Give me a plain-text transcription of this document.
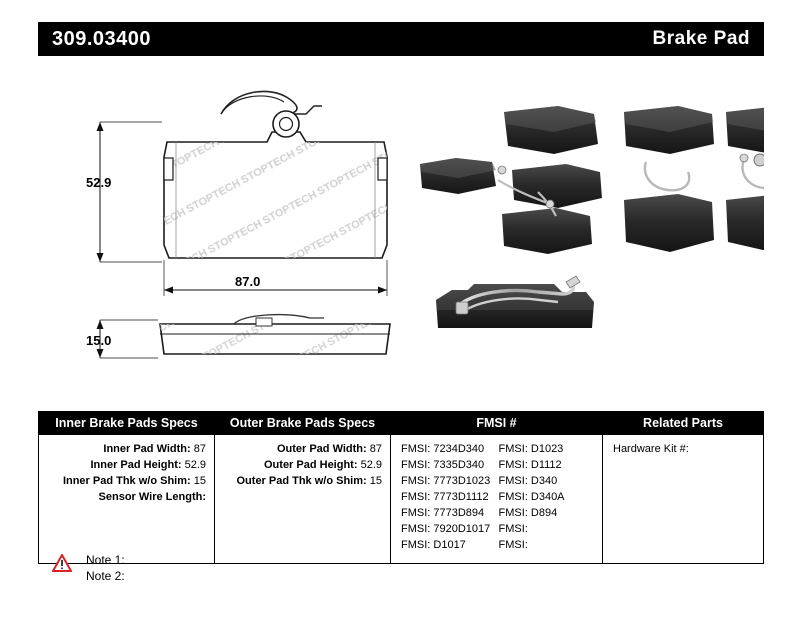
309.03400	Brake Pad
52.9
87.0
15.0
Inner Brake Pads Specs
Inner Pad Width: 87
Inner Pad Height: 52.9
Inner Pad Thk w/o Shim: 15
Sensor Wire Length:
Outer Brake Pads Specs
Outer Pad Width: 87
Outer Pad Height: 52.9
Outer Pad Thk w/o Shim: 15
FMSI #
FMSI: 7234D340
FMSI: 7335D340
FMSI: 7773D1023
FMSI: 7773D1112
FMSI: 7773D894
FMSI: 7920D1017
FMSI: D1017
FMSI: D1023
FMSI: D1112
FMSI: D340
FMSI: D340A
FMSI: D894
FMSI:
FMSI:
Related Parts
Hardware Kit #:
Note 1:
Note 2:
